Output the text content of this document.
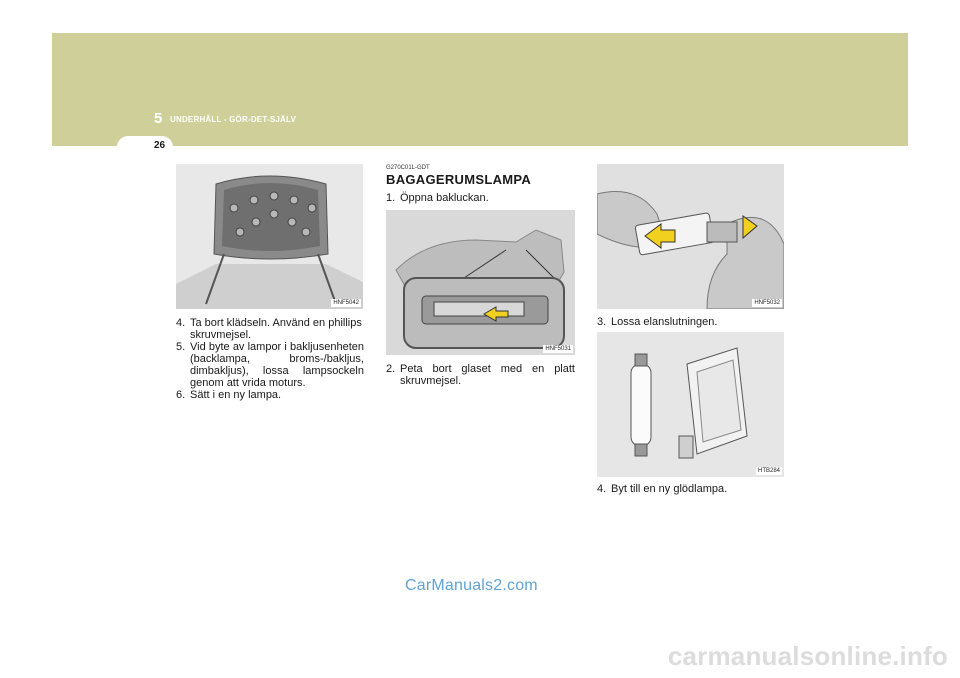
5 UNDERHÅLL - GÖR-DET-SJÄLV
26
HNF5042

4. Ta bort klädseln. Använd en phillips skruvmejsel.

5. Vid byte av lampor i bakljusenheten (backlampa, broms-/bakljus, dimbakljus), lossa lampsockeln genom att vrida moturs.

6. Sätt i en ny lampa.

G270C01L-GDT
BAGAGERUMSLAMPA

1. Öppna bakluckan.

HNF5031

2. Peta bort glaset med en platt skruvmejsel.

HNF5032

3. Lossa elanslutningen.

HTB284

4. Byt till en ny glödlampa.

CarManuals2.com
carmanualsonline.info
